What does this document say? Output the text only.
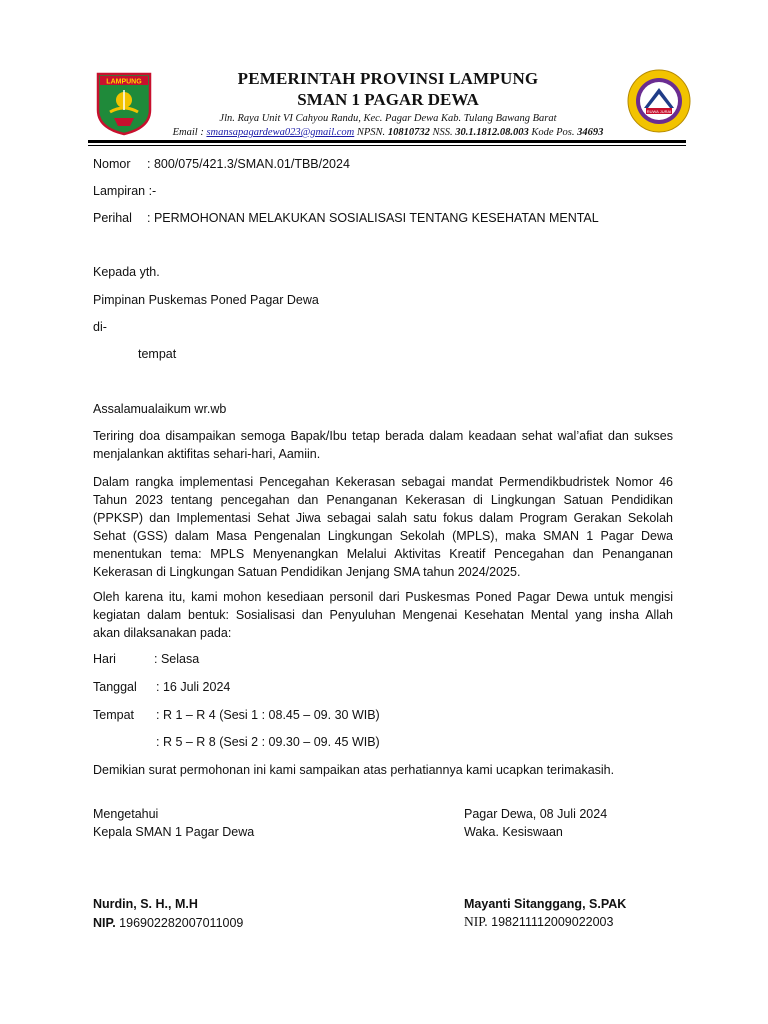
LAMPUNG	PEMERINTAH PROVINSI LAMPUNG
SMAN 1 PAGAR DEWA
Jln. Raya Unit VI Cahyou Randu, Kec. Pagar Dewa Kab. Tulang Bawang Barat
Email : smansapagardewa023@gmail.com NPSN. 10810732 NSS. 30.1.1812.08.003 Kode Pos. 34693
RUWA JURAI
Nomor : 800/075/421.3/SMAN.01/TBB/2024
Lampiran :-
Perihal : PERMOHONAN MELAKUKAN SOSIALISASI TENTANG KESEHATAN MENTAL
Kepada yth.
Pimpinan Puskemas Poned Pagar Dewa
di-
tempat
Assalamualaikum wr.wb
Teriring doa disampaikan semoga Bapak/Ibu tetap berada dalam keadaan sehat wal’afiat dan sukses
menjalankan aktifitas sehari-hari, Aamiin.
Dalam rangka implementasi Pencegahan Kekerasan sebagai mandat Permendikbudristek Nomor 46
Tahun 2023 tentang pencegahan dan Penanganan Kekerasan di Lingkungan Satuan Pendidikan
(PPKSP) dan Implementasi Sehat Jiwa sebagai salah satu fokus dalam Program Gerakan Sekolah
Sehat (GSS) dalam Masa Pengenalan Lingkungan Sekolah (MPLS), maka SMAN 1 Pagar Dewa
menentukan tema: MPLS Menyenangkan Melalui Aktivitas Kreatif Pencegahan dan Penanganan
Kekerasan di Lingkungan Satuan Pendidikan Jenjang SMA tahun 2024/2025.
Oleh karena itu, kami mohon kesediaan personil dari Puskesmas Poned Pagar Dewa untuk mengisi
kegiatan dalam bentuk: Sosialisasi dan Penyuluhan Mengenai Kesehatan Mental yang insha Allah
akan dilaksanakan pada:
Hari	: Selasa
Tanggal : 16 Juli 2024
Tempat : R 1 – R 4 (Sesi 1 : 08.45 – 09. 30 WIB)
: R 5 – R 8 (Sesi 2 : 09.30 – 09. 45 WIB)
Demikian surat permohonan ini kami sampaikan atas perhatiannya kami ucapkan terimakasih.
Mengetahui
Kepala SMAN 1 Pagar Dewa
Pagar Dewa, 08 Juli 2024
Waka. Kesiswaan
Nurdin, S. H., M.H
NIP. 196902282007011009
Mayanti Sitanggang, S.PAK
NIP. 198211112009022003
